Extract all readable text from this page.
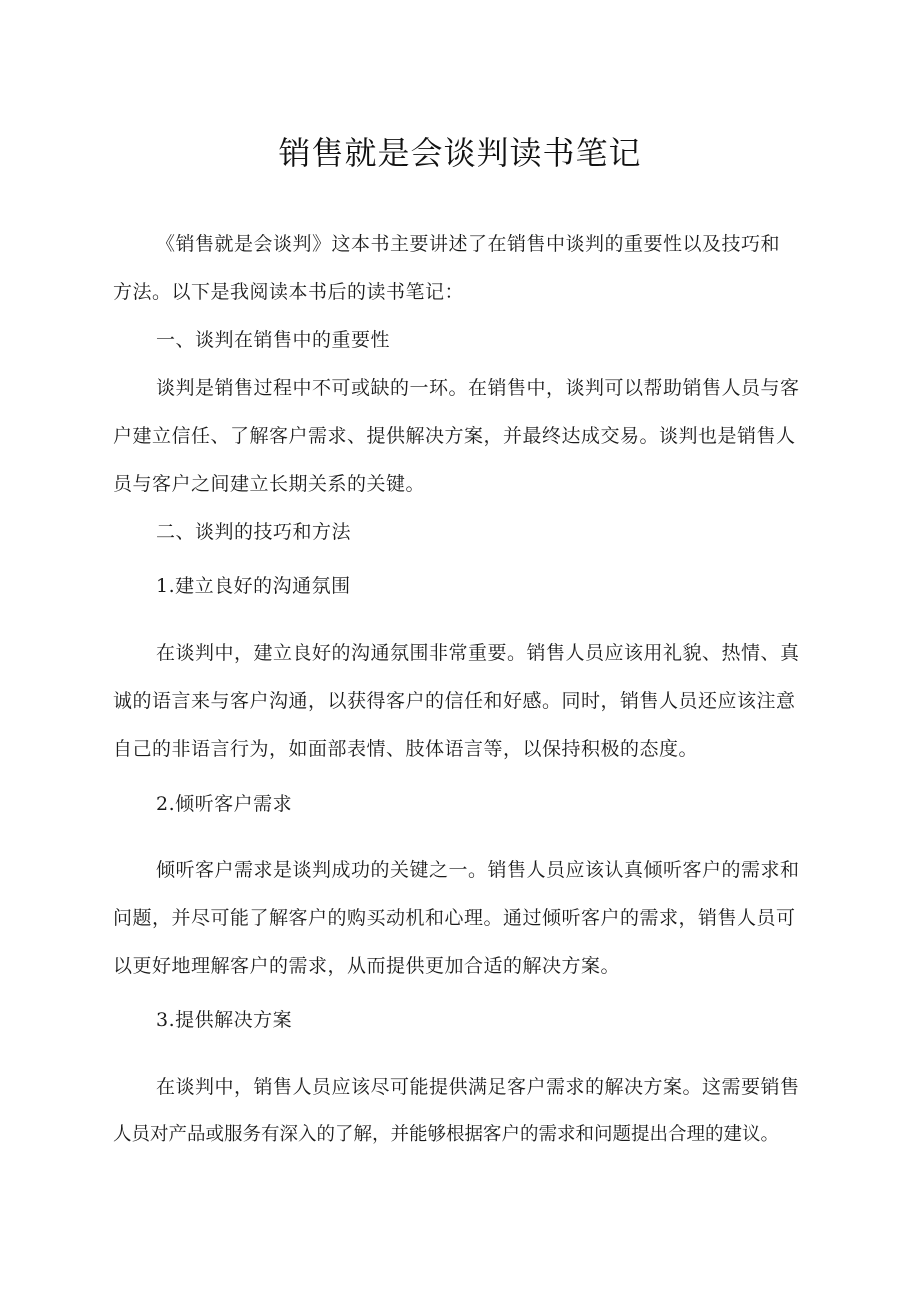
销售就是会谈判读书笔记
《销售就是会谈判》这本书主要讲述了在销售中谈判的重要性以及技巧和
方法。以下是我阅读本书后的读书笔记：
一、谈判在销售中的重要性
谈判是销售过程中不可或缺的一环。在销售中，谈判可以帮助销售人员与客
户建立信任、了解客户需求、提供解决方案，并最终达成交易。谈判也是销售人
员与客户之间建立长期关系的关键。
二、谈判的技巧和方法
1.建立良好的沟通氛围
在谈判中，建立良好的沟通氛围非常重要。销售人员应该用礼貌、热情、真
诚的语言来与客户沟通，以获得客户的信任和好感。同时，销售人员还应该注意
自己的非语言行为，如面部表情、肢体语言等，以保持积极的态度。
2.倾听客户需求
倾听客户需求是谈判成功的关键之一。销售人员应该认真倾听客户的需求和
问题，并尽可能了解客户的购买动机和心理。通过倾听客户的需求，销售人员可
以更好地理解客户的需求，从而提供更加合适的解决方案。
3.提供解决方案
在谈判中，销售人员应该尽可能提供满足客户需求的解决方案。这需要销售
人员对产品或服务有深入的了解，并能够根据客户的需求和问题提出合理的建议。
